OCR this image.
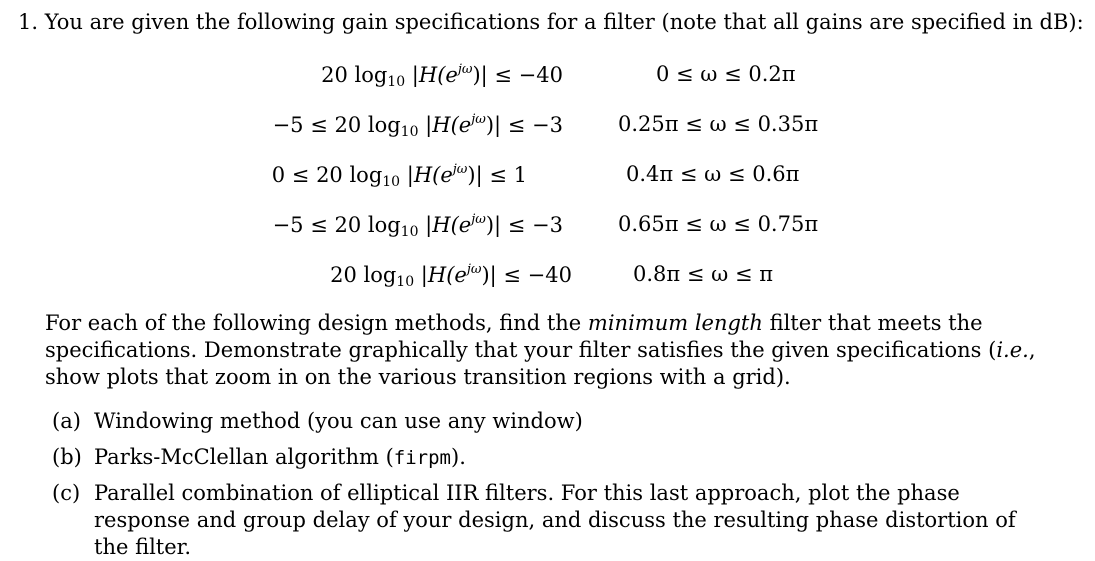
1. You are given the following gain specifications for a filter (note that all gains are specified in dB):
20 $\log_{10} |H(e^{j\omega})| \le -40$	0 ≤ ω ≤ 0.2π
−5 ≤ 20 $\log_{10} |H(e^{j\omega})| \le -3$	0.25π ≤ ω ≤ 0.35π
0 ≤ 20 $\log_{10} |H(e^{j\omega})| \le 1$	0.4π ≤ ω ≤ 0.6π
−5 ≤ 20 $\log_{10} |H(e^{j\omega})| \le -3$	0.65π ≤ ω ≤ 0.75π
20 $\log_{10} |H(e^{j\omega})| \le -40$	0.8π ≤ ω ≤ π

For each of the following design methods, find the minimum length filter that meets the specifications. Demonstrate graphically that your filter satisfies the given specifications (i.e., show plots that zoom in on the various transition regions with a grid).

(a) Windowing method (you can use any window)
(b) Parks-McClellan algorithm (firpm).
(c) Parallel combination of elliptical IIR filters. For this last approach, plot the phase response and group delay of your design, and discuss the resulting phase distortion of the filter.
